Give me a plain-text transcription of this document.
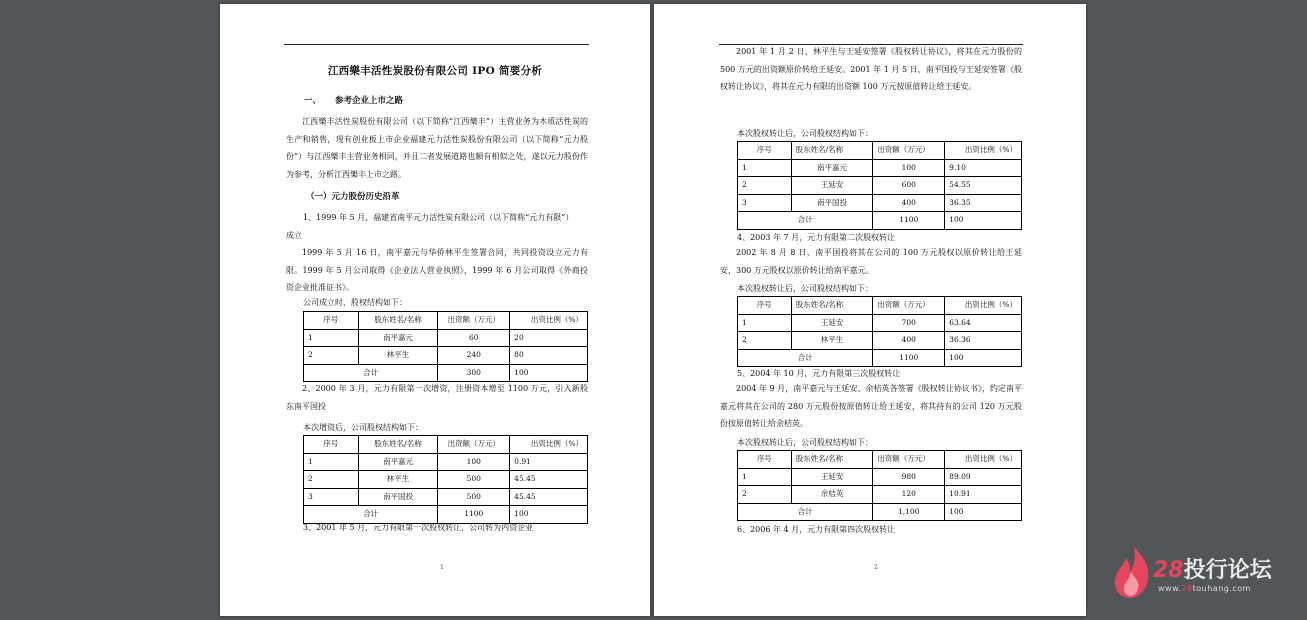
江西樂丰活性炭股份有限公司 IPO 简要分析
一、 参考企业上市之路
江西樂丰活性炭股份有限公司（以下简称“江西樂丰”）主营业务为木质活性炭的生产和销售，现有创业板上市企业福建元力活性炭股份有限公司（以下简称“元力股份”）与江西樂丰主营业务相同，并且二者发展道路也颇有相似之处，遂以元力股份作为参考，分析江西樂丰上市之路。
（一）元力股份历史沿革
1、1999 年 5 月，福建省南平元力活性炭有限公司（以下简称“元力有限”）
成立
1999 年 5 月 16 日，南平嘉元与华侨林平生签署合同，共同投资设立元力有限。1999 年 5 月公司取得《企业法人营业执照》，1999 年 6 月公司取得《外商投资企业批准证书》。
公司成立时，股权结构如下：
序号	股东姓名/名称	出资额（万元）	出资比例（%）
1	南平嘉元	60	20
2	林平生	240	80
合计		300	100
2、2000 年 3 月，元力有限第一次增资，注册资本增至 1100 万元，引入新股东南平国投
本次增资后，公司股权结构如下：
序号	股东姓名/名称	出资额（万元）	出资比例（%）
1	南平嘉元	100	0.91
2	林平生	500	45.45
3	南平国投	500	45.45
合计		1100	100
3、2001 年 5 月，元力有限第一次股权转让，公司转为内资企业
1
2001 年 1 月 2 日，林平生与王延安签署《股权转让协议》，将其在元力股份的 500 万元的出资额原价转给王延安。2001 年 1 月 5 日，南平国投与王延安签署《股权转让协议》，将其在元力有限的出资额 100 万元按原值转让给王延安。
本次股权转让后，公司股权结构如下：
序号	股东姓名/名称	出资额（万元）	出资比例（%）
1	南平嘉元	100	9.10
2	王延安	600	54.55
3	南平国投	400	36.35
合计		1100	100
4、2003 年 7 月，元力有限第二次股权转让
2002 年 8 月 8 日，南平国投将其在公司的 100 万元股权以原价转让给王延安，300 万元股权以原价转让给南平嘉元。
本次股权转让后，公司股权结构如下：
序号	股东姓名/名称	出资额（万元）	出资比例（%）
1	王延安	700	63.64
2	林平生	400	36.36
合计		1100	100
5、2004 年 10 月，元力有限第三次股权转让
2004 年 9 月，南平嘉元与王延安、余桔英各签署《股权转让协议书》，约定南平嘉元将其在公司的 280 万元股份按原值转让给王延安，将其持有的公司 120 万元股份按原值转让给余桔英。
本次股权转让后，公司股权结构如下：
序号	股东姓名/名称	出资额（万元）	出资比例（%）
1	王延安	980	89.09
2	余桔英	120	10.91
合计		1,100	100
6、2006 年 4 月，元力有限第四次股权转让
2	28投行论坛
www.28touhang.com
